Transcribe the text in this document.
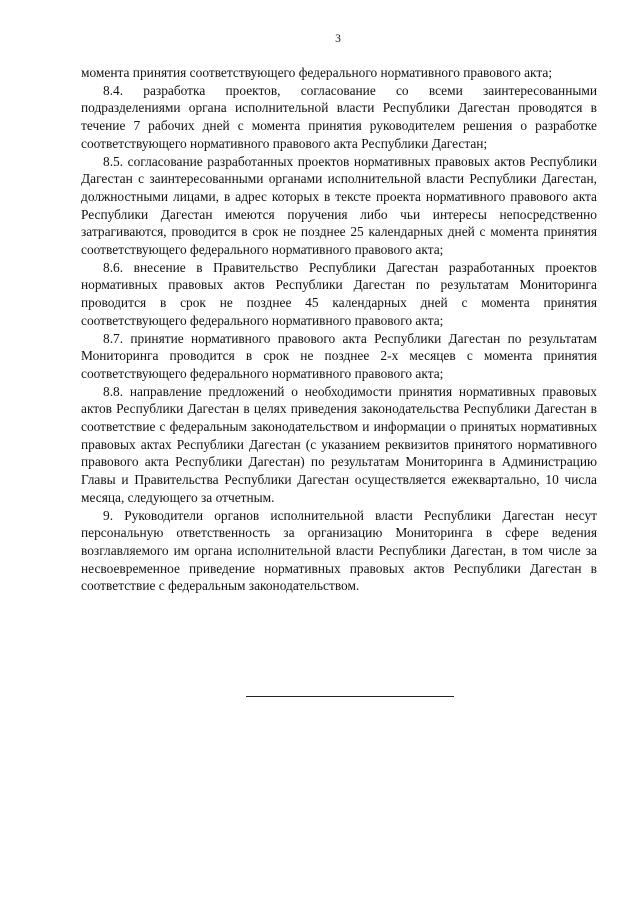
3

момента принятия соответствующего федерального нормативного правового акта;

8.4. разработка проектов, согласование со всеми заинтересованными подразделениями органа исполнительной власти Республики Дагестан проводятся в течение 7 рабочих дней с момента принятия руководителем решения о разработке соответствующего нормативного правового акта Республики Дагестан;

8.5. согласование разработанных проектов нормативных правовых актов Республики Дагестан с заинтересованными органами исполнительной власти Республики Дагестан, должностными лицами, в адрес которых в тексте проекта нормативного правового акта Республики Дагестан имеются поручения либо чьи интересы непосредственно затрагиваются, проводится в срок не позднее 25 календарных дней с момента принятия соответствующего федерального нормативного правового акта;

8.6. внесение в Правительство Республики Дагестан разработанных проектов нормативных правовых актов Республики Дагестан по результатам Мониторинга проводится в срок не позднее 45 календарных дней с момента принятия соответствующего федерального нормативного правового акта;

8.7. принятие нормативного правового акта Республики Дагестан по результатам Мониторинга проводится в срок не позднее 2-х месяцев с момента принятия соответствующего федерального нормативного правового акта;

8.8. направление предложений о необходимости принятия нормативных правовых актов Республики Дагестан в целях приведения законодательства Республики Дагестан в соответствие с федеральным законодательством и информации о принятых нормативных правовых актах Республики Дагестан (с указанием реквизитов принятого нормативного правового акта Республики Дагестан) по результатам Мониторинга в Администрацию Главы и Правительства Республики Дагестан осуществляется ежеквартально, 10 числа месяца, следующего за отчетным.

9. Руководители органов исполнительной власти Республики Дагестан несут персональную ответственность за организацию Мониторинга в сфере ведения возглавляемого им органа исполнительной власти Республики Дагестан, в том числе за несвоевременное приведение нормативных правовых актов Республики Дагестан в соответствие с федеральным законодательством.
